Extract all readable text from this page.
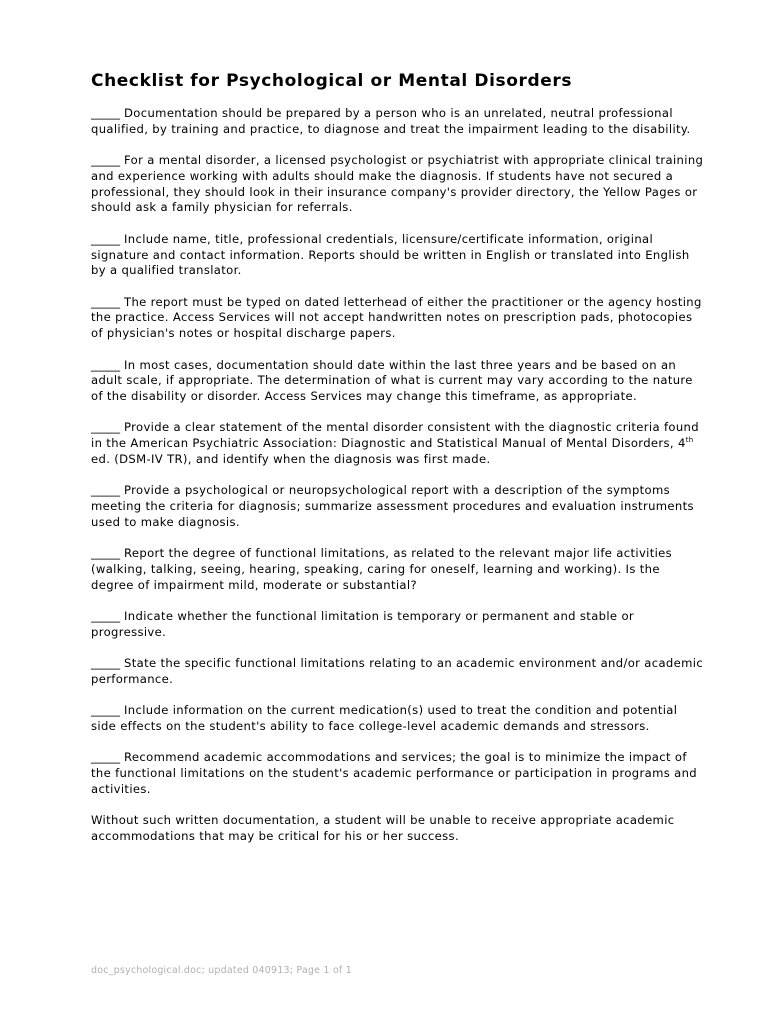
Checklist for Psychological or Mental Disorders

_____ Documentation should be prepared by a person who is an unrelated, neutral professional qualified, by training and practice, to diagnose and treat the impairment leading to the disability.

_____ For a mental disorder, a licensed psychologist or psychiatrist with appropriate clinical training and experience working with adults should make the diagnosis. If students have not secured a professional, they should look in their insurance company's provider directory, the Yellow Pages or should ask a family physician for referrals.

_____ Include name, title, professional credentials, licensure/certificate information, original signature and contact information. Reports should be written in English or translated into English by a qualified translator.

_____ The report must be typed on dated letterhead of either the practitioner or the agency hosting the practice. Access Services will not accept handwritten notes on prescription pads, photocopies of physician's notes or hospital discharge papers.

_____ In most cases, documentation should date within the last three years and be based on an adult scale, if appropriate. The determination of what is current may vary according to the nature of the disability or disorder. Access Services may change this timeframe, as appropriate.

_____ Provide a clear statement of the mental disorder consistent with the diagnostic criteria found in the American Psychiatric Association: Diagnostic and Statistical Manual of Mental Disorders, 4th ed. (DSM-IV TR), and identify when the diagnosis was first made.

_____ Provide a psychological or neuropsychological report with a description of the symptoms meeting the criteria for diagnosis; summarize assessment procedures and evaluation instruments used to make diagnosis.

_____ Report the degree of functional limitations, as related to the relevant major life activities (walking, talking, seeing, hearing, speaking, caring for oneself, learning and working). Is the degree of impairment mild, moderate or substantial?

_____ Indicate whether the functional limitation is temporary or permanent and stable or progressive.

_____ State the specific functional limitations relating to an academic environment and/or academic performance.

_____ Include information on the current medication(s) used to treat the condition and potential side effects on the student's ability to face college-level academic demands and stressors.

_____ Recommend academic accommodations and services; the goal is to minimize the impact of the functional limitations on the student's academic performance or participation in programs and activities.

Without such written documentation, a student will be unable to receive appropriate academic accommodations that may be critical for his or her success.

doc_psychological.doc; updated 040913; Page 1 of 1
